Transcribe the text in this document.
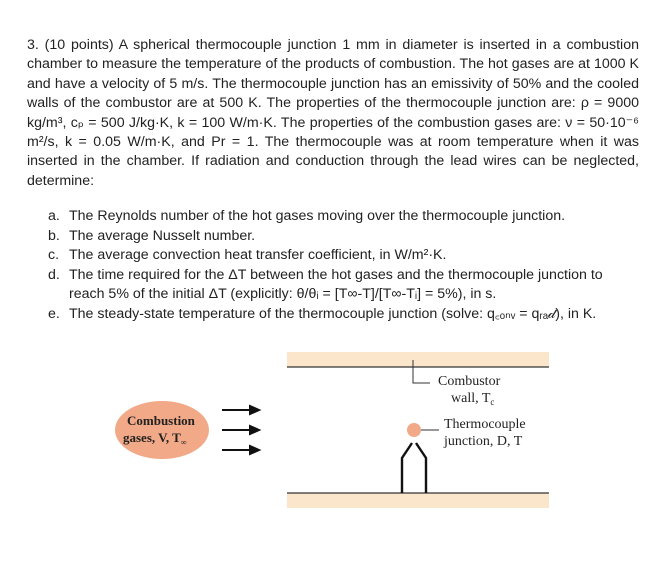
3. (10 points) A spherical thermocouple junction 1 mm in diameter is inserted in a combustion chamber to measure the temperature of the products of combustion. The hot gases are at 1000 K and have a velocity of 5 m/s. The thermocouple junction has an emissivity of 50% and the cooled walls of the combustor are at 500 K. The properties of the thermocouple junction are: ρ = 9000 kg/m³, cₚ = 500 J/kg·K, k = 100 W/m·K. The properties of the combustion gases are: ν = 50·10⁻⁶ m²/s, k = 0.05 W/m·K, and Pr = 1. The thermocouple was at room temperature when it was inserted in the chamber. If radiation and conduction through the lead wires can be neglected, determine:

a. The Reynolds number of the hot gases moving over the thermocouple junction.
b. The average Nusselt number.
c. The average convection heat transfer coefficient, in W/m²·K.
d. The time required for the ΔT between the hot gases and the thermocouple junction to reach 5% of the initial ΔT (explicitly: θ/θᵢ = [T∞-T]/[T∞-Tᵢ] = 5%), in s.
e. The steady-state temperature of the thermocouple junction (solve: q꜀ₒₙᵥ = qᵣₐ𝒹), in K.
Combustor
wall, $T_c$
Combustion
gases, V, $T_\infty$
Thermocouple
junction, D, T
